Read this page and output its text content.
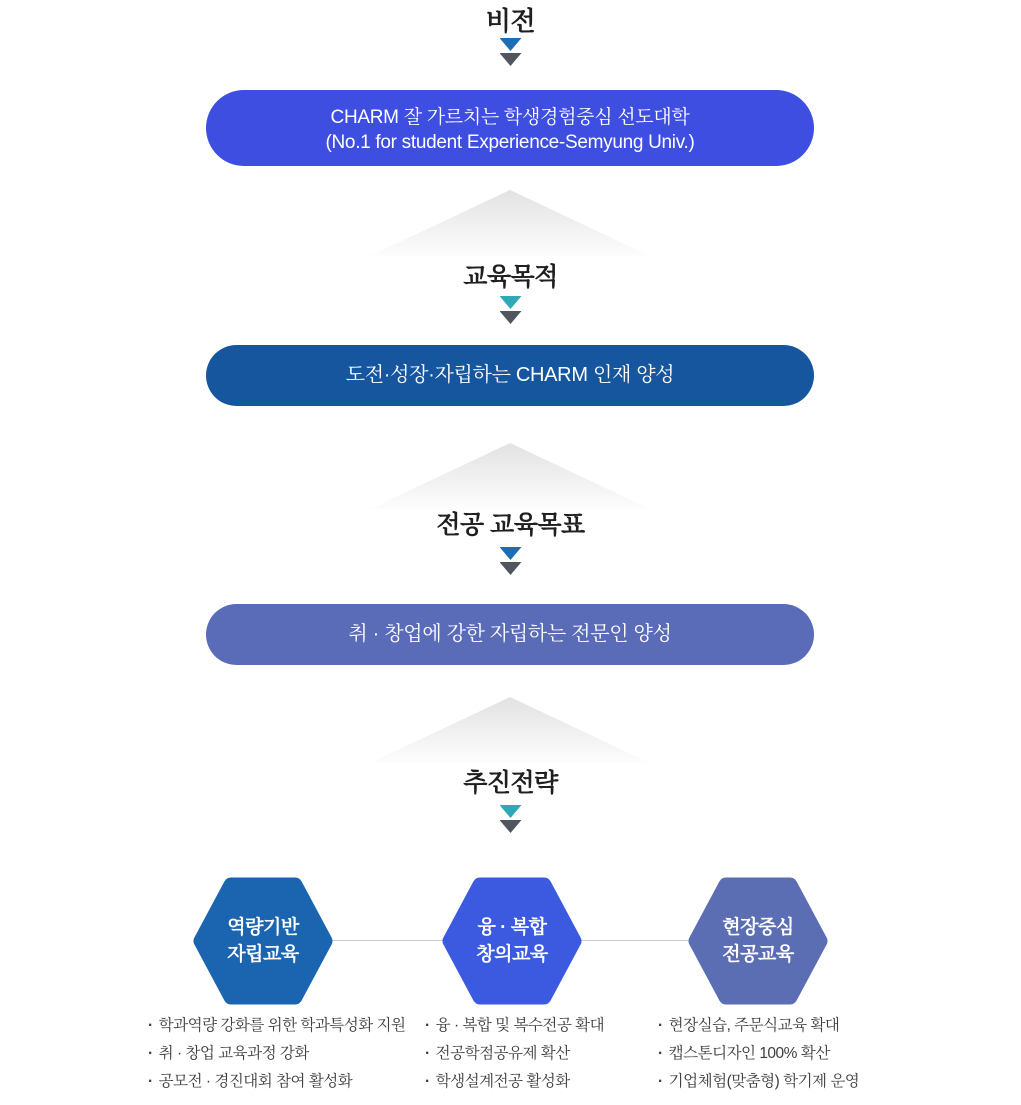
비전
CHARM 잘 가르치는 학생경험중심 선도대학
(No.1 for student Experience-Semyung Univ.)
교육목적
도전·성장·자립하는 CHARM 인재 양성
전공 교육목표
취 · 창업에 강한 자립하는 전문인 양성
추진전략
역량기반
자립교육
융 · 복합
창의교육
현장중심
전공교육
· 학과역량 강화를 위한 학과특성화 지원
· 취 · 창업 교육과정 강화
· 공모전 · 경진대회 참여 활성화
· 융 · 복합 및 복수전공 확대
· 전공학점공유제 확산
· 학생설계전공 활성화
· 현장실습, 주문식교육 확대
· 캡스톤디자인 100% 확산
· 기업체험(맞춤형) 학기제 운영
